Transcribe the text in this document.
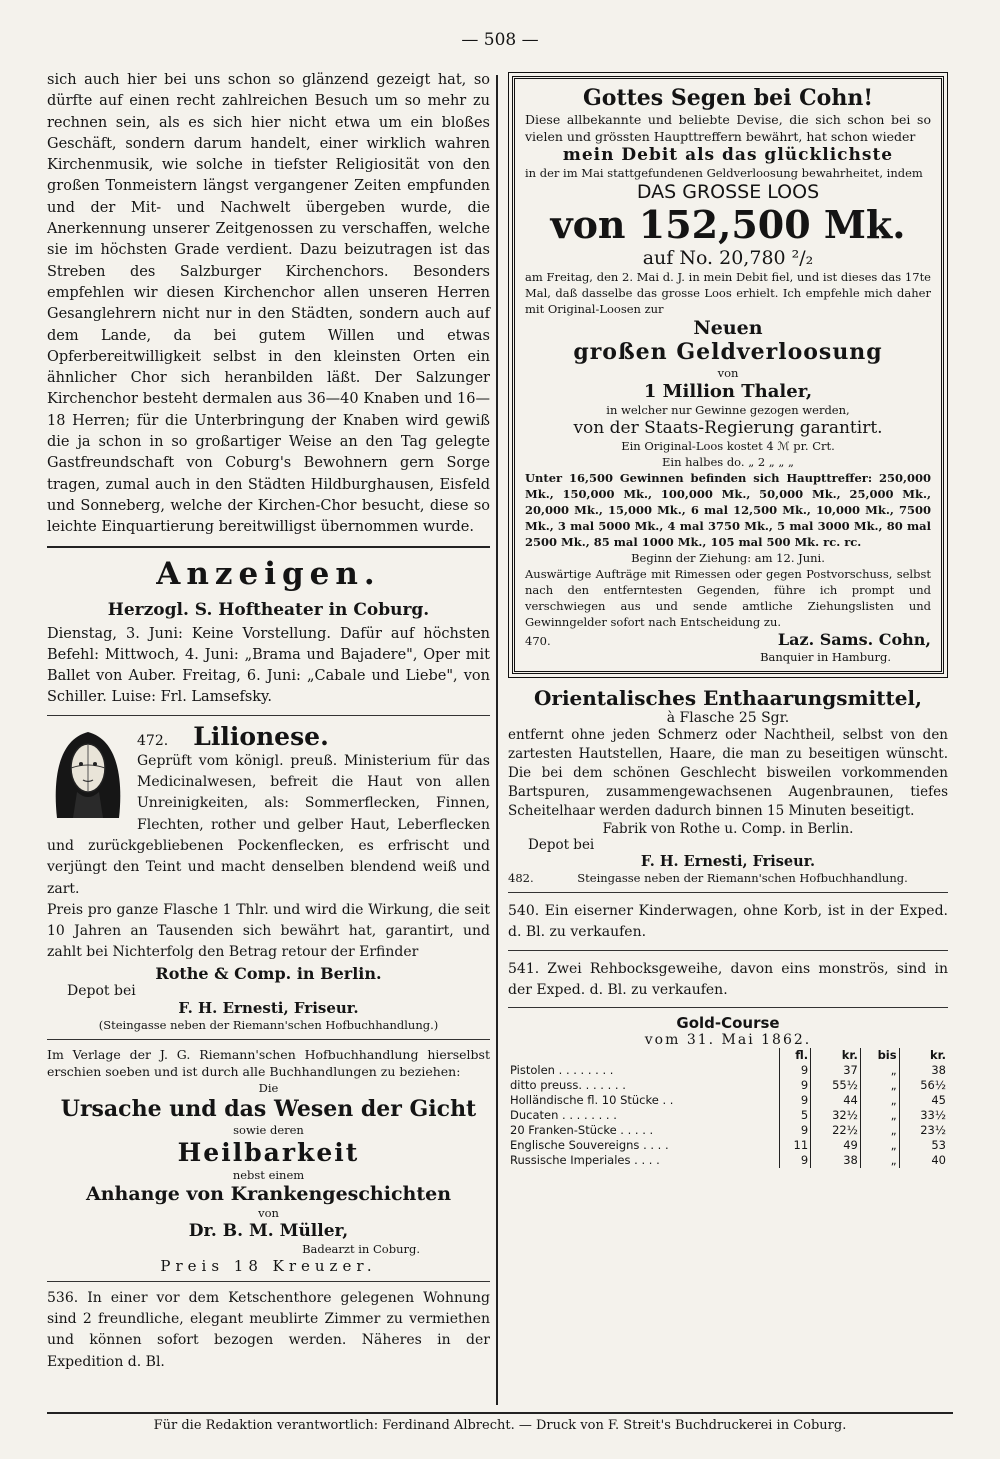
— 508 —

sich auch hier bei uns schon so glänzend gezeigt hat, so dürfte auf einen recht zahlreichen Besuch um so mehr zu rechnen sein, als es sich hier nicht etwa um ein bloßes Geschäft, sondern darum handelt, einer wirklich wahren Kirchenmusik, wie solche in tiefster Religiosität von den großen Tonmeistern längst vergangener Zeiten empfunden und der Mit- und Nachwelt übergeben wurde, die Anerkennung unserer Zeitgenossen zu verschaffen, welche sie im höchsten Grade verdient. Dazu beizutragen ist das Streben des Salzburger Kirchenchors. Besonders empfehlen wir diesen Kirchenchor allen unseren Herren Gesanglehrern nicht nur in den Städten, sondern auch auf dem Lande, da bei gutem Willen und etwas Opferbereitwilligkeit selbst in den kleinsten Orten ein ähnlicher Chor sich heranbilden läßt. Der Salzunger Kirchenchor besteht dermalen aus 36—40 Knaben und 16—18 Herren; für die Unterbringung der Knaben wird gewiß die ja schon in so großartiger Weise an den Tag gelegte Gastfreundschaft von Coburg's Bewohnern gern Sorge tragen, zumal auch in den Städten Hildburghausen, Eisfeld und Sonneberg, welche der Kirchen-Chor besucht, diese so leichte Einquartierung bereitwilligst übernommen wurde.

Anzeigen.
Herzogl. S. Hoftheater in Coburg.

Dienstag, 3. Juni: Keine Vorstellung. Dafür auf höchsten Befehl: Mittwoch, 4. Juni: „Brama und Bajadere", Oper mit Ballet von Auber. Freitag, 6. Juni: „Cabale und Liebe", von Schiller. Luise: Frl. Lamsefsky.

472. Lilionese.

Geprüft vom königl. preuß. Ministerium für das Medicinalwesen, befreit die Haut von allen Unreinigkeiten, als: Sommerflecken, Finnen, Flechten, rother und gelber Haut, Leberflecken und zurückgebliebenen Pockenflecken, es erfrischt und verjüngt den Teint und macht denselben blendend weiß und zart.

Preis pro ganze Flasche 1 Thlr. und wird die Wirkung, die seit 10 Jahren an Tausenden sich bewährt hat, garantirt, und zahlt bei Nichterfolg den Betrag retour der Erfinder

Rothe & Comp. in Berlin.
Depot bei
F. H. Ernesti, Friseur.
(Steingasse neben der Riemann'schen Hofbuchhandlung.)

Im Verlage der J. G. Riemann'schen Hofbuchhandlung hierselbst erschien soeben und ist durch alle Buchhandlungen zu beziehen:

Die
Ursache und das Wesen der Gicht
sowie deren
Heilbarkeit
nebst einem
Anhange von Krankengeschichten
von
Dr. B. M. Müller,
Badearzt in Coburg.
Preis 18 Kreuzer.

536. In einer vor dem Ketschenthore gelegenen Wohnung sind 2 freundliche, elegant meublirte Zimmer zu vermiethen und können sofort bezogen werden. Näheres in der Expedition d. Bl.

Gottes Segen bei Cohn!

Diese allbekannte und beliebte Devise, die sich schon bei so vielen und grössten Haupttreffern bewährt, hat schon wieder

mein Debit als das glücklichste

in der im Mai stattgefundenen Geldverloosung bewahrheitet, indem

DAS GROSSE LOOS
von 152,500 Mk.
auf No. 20,780 ²/₂

am Freitag, den 2. Mai d. J. in mein Debit fiel, und ist dieses das 17te Mal, daß dasselbe das grosse Loos erhielt. Ich empfehle mich daher mit Original-Loosen zur

Neuen
großen Geldverloosung
von
1 Million Thaler,
in welcher nur Gewinne gezogen werden,
von der Staats-Regierung garantirt.
Ein Original-Loos kostet 4 ℳ pr. Crt.
Ein halbes do. „ 2 „ „ „

Unter 16,500 Gewinnen befinden sich Haupttreffer: 250,000 Mk., 150,000 Mk., 100,000 Mk., 50,000 Mk., 25,000 Mk., 20,000 Mk., 15,000 Mk., 6 mal 12,500 Mk., 10,000 Mk., 7500 Mk., 3 mal 5000 Mk., 4 mal 3750 Mk., 5 mal 3000 Mk., 80 mal 2500 Mk., 85 mal 1000 Mk., 105 mal 500 Mk. rc. rc.

Beginn der Ziehung: am 12. Juni.

Auswärtige Aufträge mit Rimessen oder gegen Postvorschuss, selbst nach den entferntesten Gegenden, führe ich prompt und verschwiegen aus und sende amtliche Ziehungslisten und Gewinngelder sofort nach Entscheidung zu.

470.	Laz. Sams. Cohn,
Banquier in Hamburg.
Orientalisches Enthaarungsmittel,
à Flasche 25 Sgr.

entfernt ohne jeden Schmerz oder Nachtheil, selbst von den zartesten Hautstellen, Haare, die man zu beseitigen wünscht. Die bei dem schönen Geschlecht bisweilen vorkommenden Bartspuren, zusammengewachsenen Augenbraunen, tiefes Scheitelhaar werden dadurch binnen 15 Minuten beseitigt.

Fabrik von Rothe u. Comp. in Berlin.
Depot bei
F. H. Ernesti, Friseur.
482.	Steingasse neben der Riemann'schen Hofbuchhandlung.

540. Ein eiserner Kinderwagen, ohne Korb, ist in der Exped. d. Bl. zu verkaufen.

541. Zwei Rehbocksgeweihe, davon eins monströs, sind in der Exped. d. Bl. zu verkaufen.

Gold-Course
vom 31. Mai 1862.
	fl.	kr.	bis	kr.
Pistolen . . . . . . . .	9	37	„	38
ditto preuss. . . . . . .	9	55½	„	56½
Holländische fl. 10 Stücke . .	9	44	„	45
Ducaten . . . . . . . .	5	32½	„	33½
20 Franken-Stücke . . . . .	9	22½	„	23½
Englische Souvereigns . . . .	11	49	„	53
Russische Imperiales . . . .	9	38	„	40
Für die Redaktion verantwortlich: Ferdinand Albrecht. — Druck von F. Streit's Buchdruckerei in Coburg.
